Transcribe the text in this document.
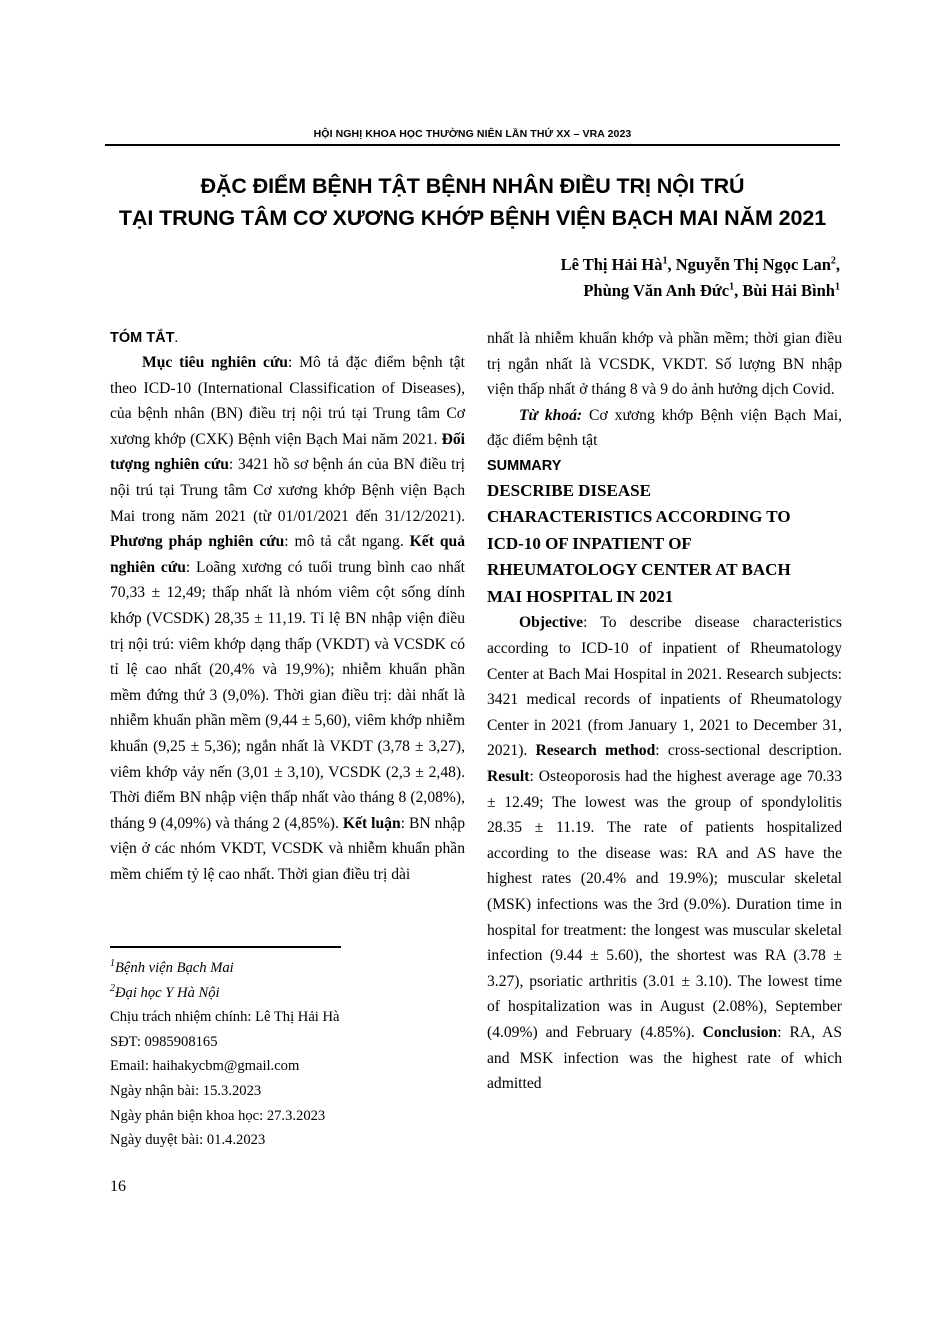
HỘI NGHỊ KHOA HỌC THƯỜNG NIÊN LẦN THỨ XX – VRA 2023
ĐẶC ĐIỂM BỆNH TẬT BỆNH NHÂN ĐIỀU TRỊ NỘI TRÚ
TẠI TRUNG TÂM CƠ XƯƠNG KHỚP BỆNH VIỆN BẠCH MAI NĂM 2021
Lê Thị Hải $Hà^1$, Nguyễn Thị Ngọc Lan$^2$,
Phùng Văn Anh Đức$^1$, Bùi Hải Bình$^1$

TÓM TẮT.

Mục tiêu nghiên cứu: Mô tả đặc điểm bệnh tật theo ICD-10 (International Classification of Diseases), của bệnh nhân (BN) điều trị nội trú tại Trung tâm Cơ xương khớp (CXK) Bệnh viện Bạch Mai năm 2021. Đối tượng nghiên cứu: 3421 hồ sơ bệnh án của BN điều trị nội trú tại Trung tâm Cơ xương khớp Bệnh viện Bạch Mai trong năm 2021 (từ 01/01/2021 đến 31/12/2021). Phương pháp nghiên cứu: mô tả cắt ngang. Kết quả nghiên cứu: Loãng xương có tuổi trung bình cao nhất 70,33 ± 12,49; thấp nhất là nhóm viêm cột sống dính khớp (VCSDK) 28,35 ± 11,19. Tỉ lệ BN nhập viện điều trị nội trú: viêm khớp dạng thấp (VKDT) và VCSDK có tỉ lệ cao nhất (20,4% và 19,9%); nhiễm khuẩn phần mềm đứng thứ 3 (9,0%). Thời gian điều trị: dài nhất là nhiễm khuẩn phần mềm (9,44 ± 5,60), viêm khớp nhiễm khuẩn (9,25 ± 5,36); ngắn nhất là VKDT (3,78 ± 3,27), viêm khớp vảy nến (3,01 ± 3,10), VCSDK (2,3 ± 2,48). Thời điểm BN nhập viện thấp nhất vào tháng 8 (2,08%), tháng 9 (4,09%) và tháng 2 (4,85%). Kết luận: BN nhập viện ở các nhóm VKDT, VCSDK và nhiễm khuẩn phần mềm chiếm tỷ lệ cao nhất. Thời gian điều trị dài

nhất là nhiễm khuẩn khớp và phần mềm; thời gian điều trị ngắn nhất là VCSDK, VKDT. Số lượng BN nhập viện thấp nhất ở tháng 8 và 9 do ảnh hưởng dịch Covid.

Từ khoá: Cơ xương khớp Bệnh viện Bạch Mai, đặc điểm bệnh tật

SUMMARY

DESCRIBE DISEASE

CHARACTERISTICS ACCORDING TO

ICD-10 OF INPATIENT OF

RHEUMATOLOGY CENTER AT BACH

MAI HOSPITAL IN 2021

Objective: To describe disease characteristics according to ICD-10 of inpatient of Rheumatology Center at Bach Mai Hospital in 2021. Research subjects: 3421 medical records of inpatients of Rheumatology Center in 2021 (from January 1, 2021 to December 31, 2021). Research method: cross-sectional description. Result: Osteoporosis had the highest average age 70.33 ± 12.49; The lowest was the group of spondylolitis 28.35 ± 11.19. The rate of patients hospitalized according to the disease was: RA and AS have the highest rates (20.4% and 19.9%); muscular skeletal (MSK) infections was the 3rd (9.0%). Duration time in hospital for treatment: the longest was muscular skeletal infection (9.44 ± 5.60), the shortest was RA (3.78 ± 3.27), psoriatic arthritis (3.01 ± 3.10). The lowest time of hospitalization was in August (2.08%), September (4.09%) and February (4.85%). Conclusion: RA, AS and MSK infection was the highest rate of which admitted

$^1$Bệnh viện Bạch Mai
$^2$Đại học Y Hà Nội
Chịu trách nhiệm chính: Lê Thị Hải Hà
SĐT: 0985908165
Email: haihakycbm@gmail.com
Ngày nhận bài: 15.3.2023
Ngày phản biện khoa học: 27.3.2023
Ngày duyệt bài: 01.4.2023
16
